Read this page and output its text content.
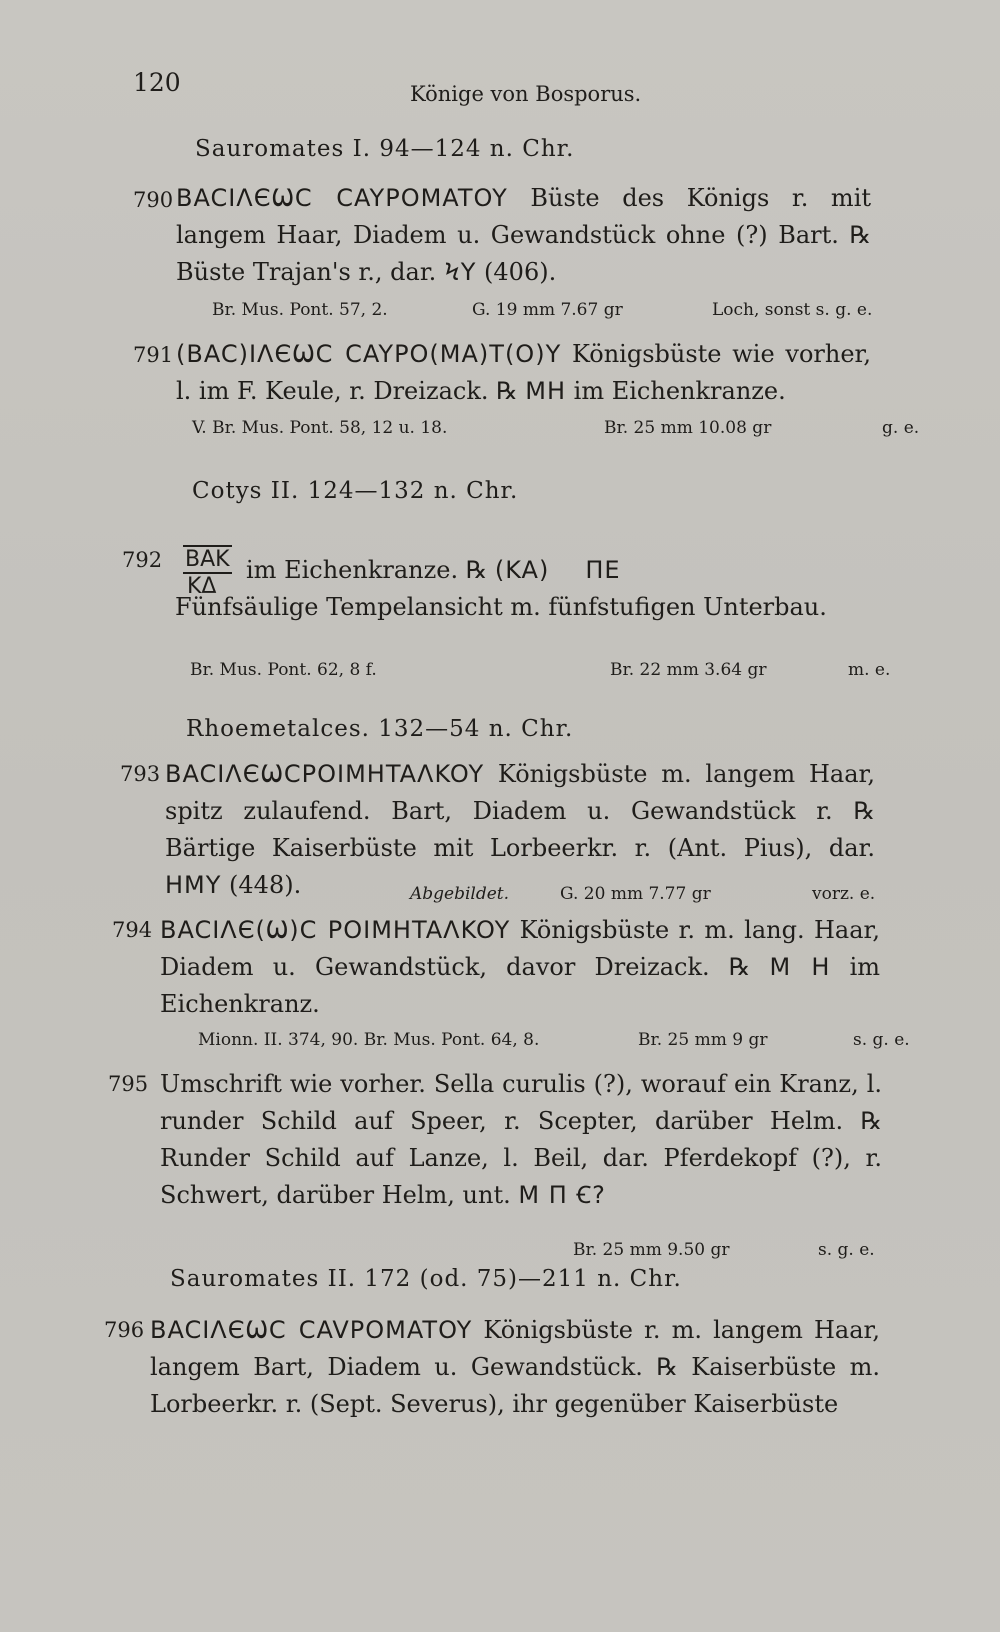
120	Könige von Bosporus.
Sauromates I. 94—124 n. Chr.
790 BACIΛЄѠC CAYPOMATOY Büste des Königs r. mit langem Haar, Diadem u. Gewandstück ohne (?) Bart. ℞ Büste Trajan's r., dar. ϞY (406).
Br. Mus. Pont. 57, 2.	G. 19 mm 7.67 gr	Loch, sonst s. g. e.
791 (BAC)IΛЄѠC CAYPO(MA)T(O)Y Königsbüste wie vorher, l. im F. Keule, r. Dreizack. ℞ MH im Eichenkranze.
V. Br. Mus. Pont. 58, 12 u. 18.	Br. 25 mm 10.08 gr	g. e.
Cotys II. 124—132 n. Chr.
792 BAK
KΔ
im Eichenkranze. ℞ (KA) ΠE
Fünfsäulige Tempelansicht m. fünfstufigen Unterbau.
Br. Mus. Pont. 62, 8 f.	Br. 22 mm 3.64 gr	m. e.
Rhoemetalces. 132—54 n. Chr.
793 BACIΛЄѠCPOIMHTAΛKOY Königsbüste m. langem Haar, spitz zulaufend. Bart, Diadem u. Gewandstück r. ℞ Bärtige Kaiserbüste mit Lorbeerkr. r. (Ant. Pius), dar. HMY (448).	Abgebildet.	G. 20 mm 7.77 gr	vorz. e.
794 BACIΛЄ(Ѡ)C POIMHTAΛKOY Königsbüste r. m. lang. Haar, Diadem u. Gewandstück, davor Dreizack. ℞ M H im Eichenkranz.
Mionn. II. 374, 90. Br. Mus. Pont. 64, 8.	Br. 25 mm 9 gr	s. g. e.
795 Umschrift wie vorher. Sella curulis (?), worauf ein Kranz, l. runder Schild auf Speer, r. Scepter, darüber Helm. ℞ Runder Schild auf Lanze, l. Beil, dar. Pferdekopf (?), r. Schwert, darüber Helm, unt. M Π Ꞓ?
Br. 25 mm 9.50 gr	s. g. e.
Sauromates II. 172 (od. 75)—211 n. Chr.
796 BACIΛЄѠC CAVPOMATOY Königsbüste r. m. langem Haar, langem Bart, Diadem u. Gewandstück. ℞ Kaiserbüste m. Lorbeerkr. r. (Sept. Severus), ihr gegenüber Kaiserbüste
